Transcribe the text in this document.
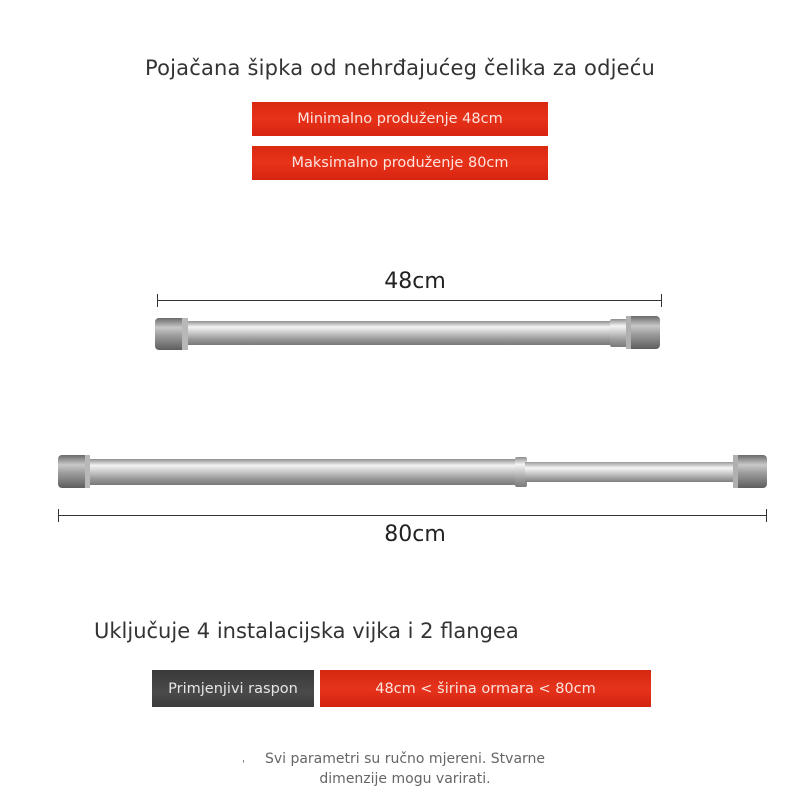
Pojačana šipka od nehrđajućeg čelika za odjeću
Minimalno produženje 48cm
Maksimalno produženje 80cm
48cm
80cm
Uključuje 4 instalacijska vijka i 2 flangea
Primjenjivi raspon	48cm < širina ormara < 80cm
'	Svi parametri su ručno mjereni. Stvarne
dimenzije mogu varirati.
